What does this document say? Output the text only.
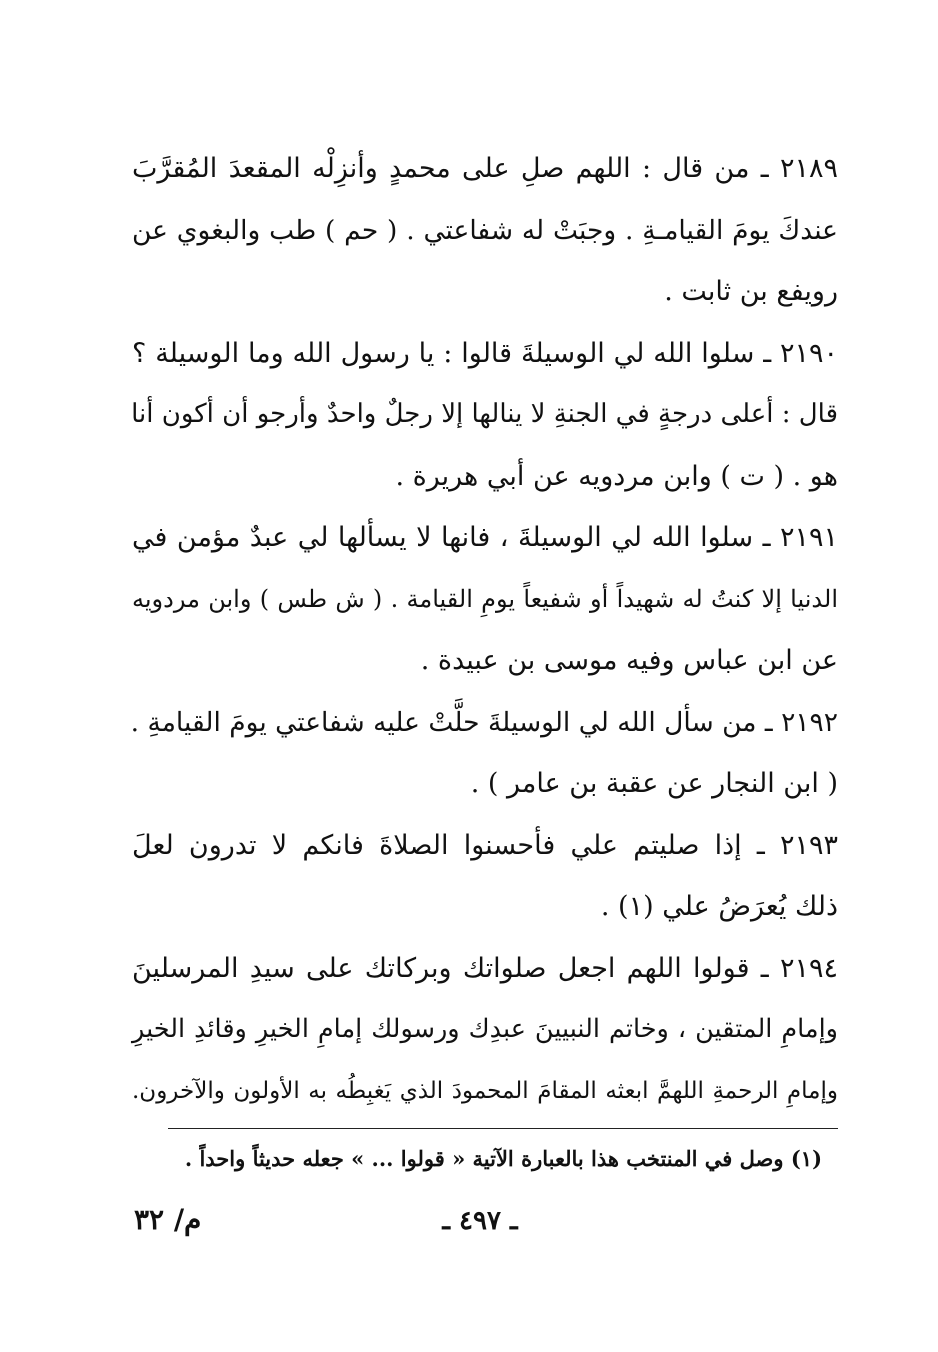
٢١٨٩ ـ من قال : اللهم صلِ على محمدٍ وأنزِلْه المقعدَ المُقرَّبَ
عندكَ يومَ القيامـةِ . وجبَتْ له شفاعتي . ( حم ) طب والبغوي عن
رويفع بن ثابت .
٢١٩٠ ـ سلوا الله لي الوسيلةَ قالوا : يا رسول الله وما الوسيلة ؟
قال : أعلى درجةٍ في الجنةِ لا ينالها إلا رجلٌ واحدٌ وأرجو أن أكون أنا
هو . ( ت ) وابن مردويه عن أبي هريرة .
٢١٩١ ـ سلوا الله لي الوسيلةَ ، فانها لا يسألها لي عبدٌ مؤمن في
الدنيا إلا كنتُ له شهيداً أو شفيعاً يومِ القيامة . ( ش طس ) وابن مردويه
عن ابن عباس وفيه موسى بن عبيدة .
٢١٩٢ ـ من سأل الله لي الوسيلةَ حلَّتْ عليه شفاعتي يومَ القيامةِ .
( ابن النجار عن عقبة بن عامر ) .
٢١٩٣ ـ إذا صليتم علي فأحسنوا الصلاةَ فانكم لا تدرون لعلَ
ذلك يُعرَضُ علي (١) .
٢١٩٤ ـ قولوا اللهم اجعل صلواتك وبركاتك على سيدِ المرسلينَ
وإمامِ المتقين ، وخاتم النبيينَ عبدِك ورسولك إمامِ الخيرِ وقائدِ الخيرِ
وإمامِ الرحمةِ اللهمَّ ابعثه المقامَ المحمودَ الذي يَغبِطُه به الأولون والآخرون.
(١) وصل في المنتخب هذا بالعبارة الآتية « قولوا ... » جعله حديثاً واحداً .
ـ ٤٩٧ ـ
م/ ٣٢
